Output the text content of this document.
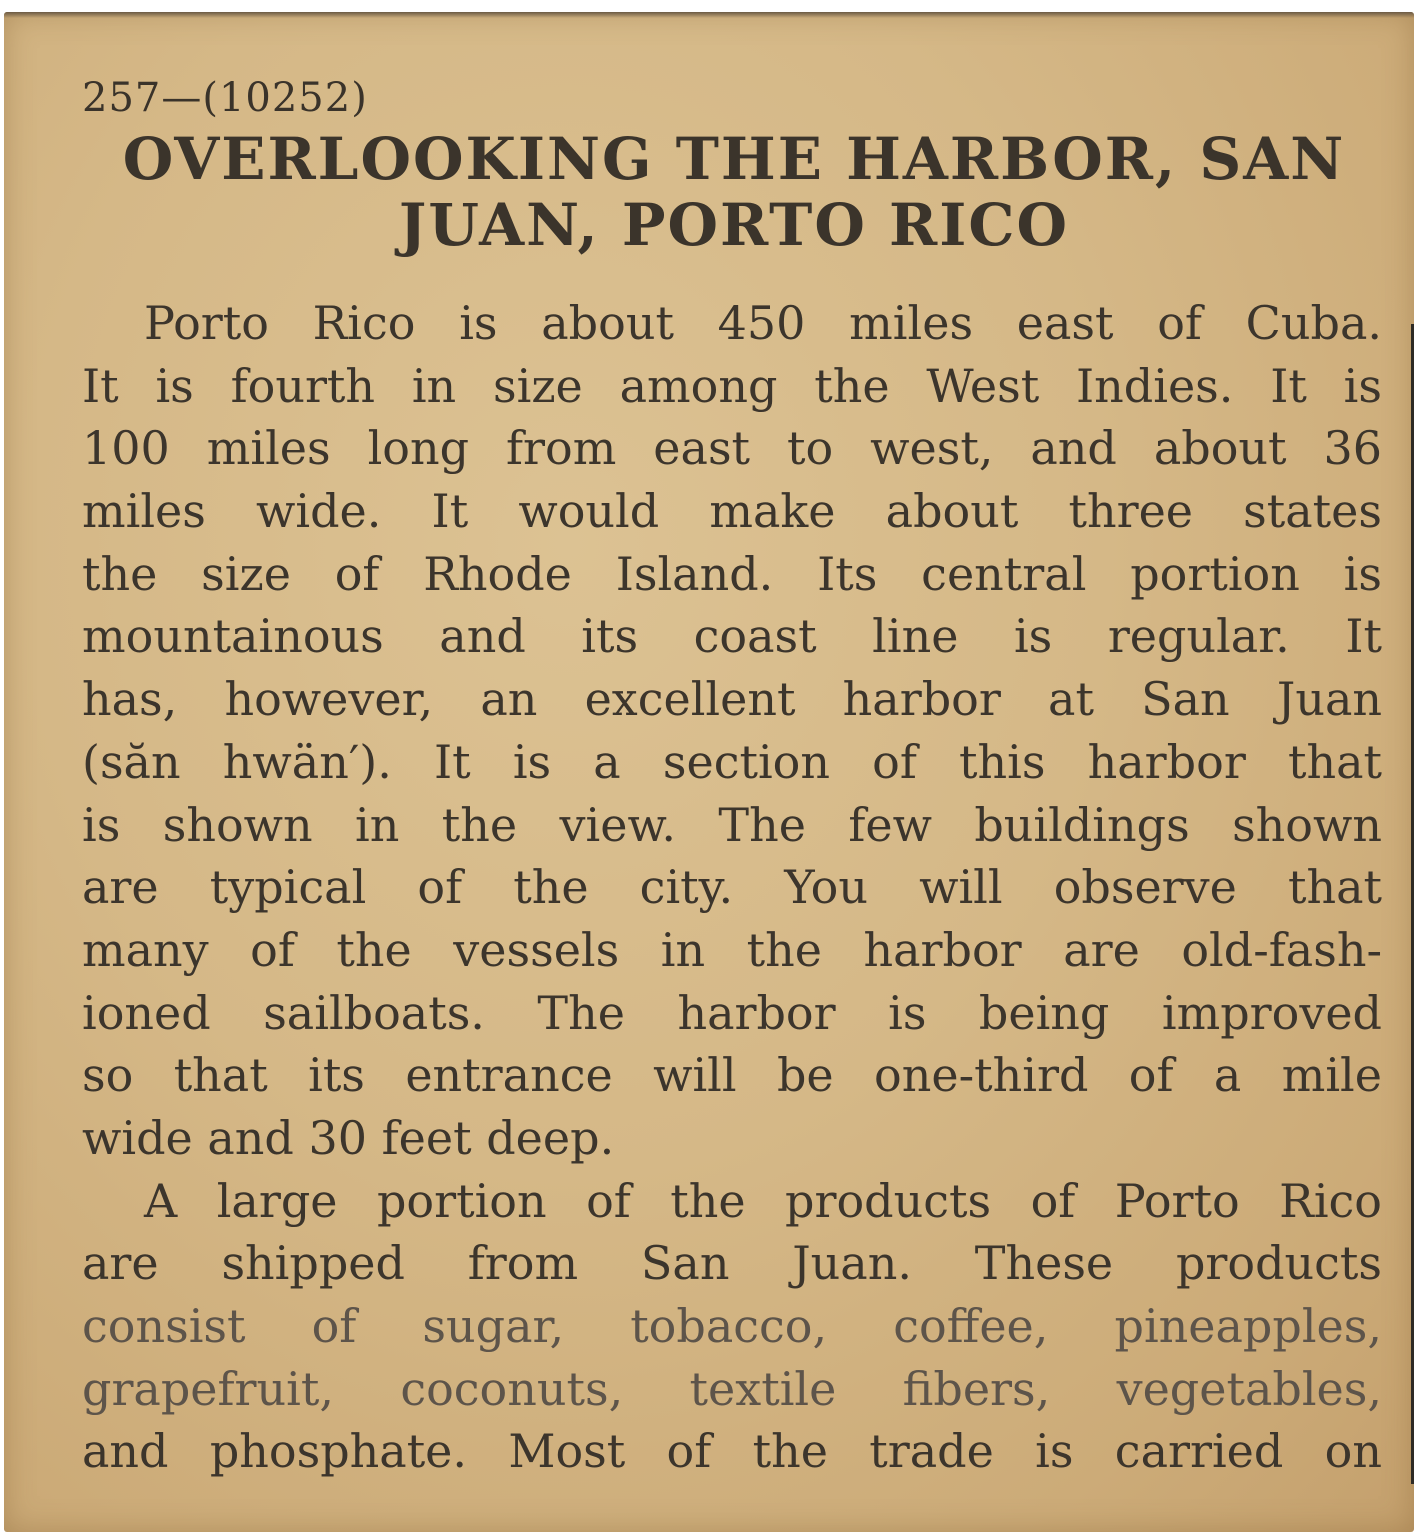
257—(10252)
OVERLOOKING THE HARBOR, SAN
JUAN, PORTO RICO
Porto Rico is about 450 miles east of Cuba.
It is fourth in size among the West Indies. It is
100 miles long from east to west, and about 36
miles wide. It would make about three states
the size of Rhode Island. Its central portion is
mountainous and its coast line is regular. It
has, however, an excellent harbor at San Juan
(săn hwän′). It is a section of this harbor that
is shown in the view. The few buildings shown
are typical of the city. You will observe that
many of the vessels in the harbor are old-fash-
ioned sailboats. The harbor is being improved
so that its entrance will be one-third of a mile
wide and 30 feet deep.
A large portion of the products of Porto Rico
are shipped from San Juan. These products
consist of sugar, tobacco, coffee, pineapples,
grapefruit, coconuts, textile fibers, vegetables,
and phosphate. Most of the trade is carried on
